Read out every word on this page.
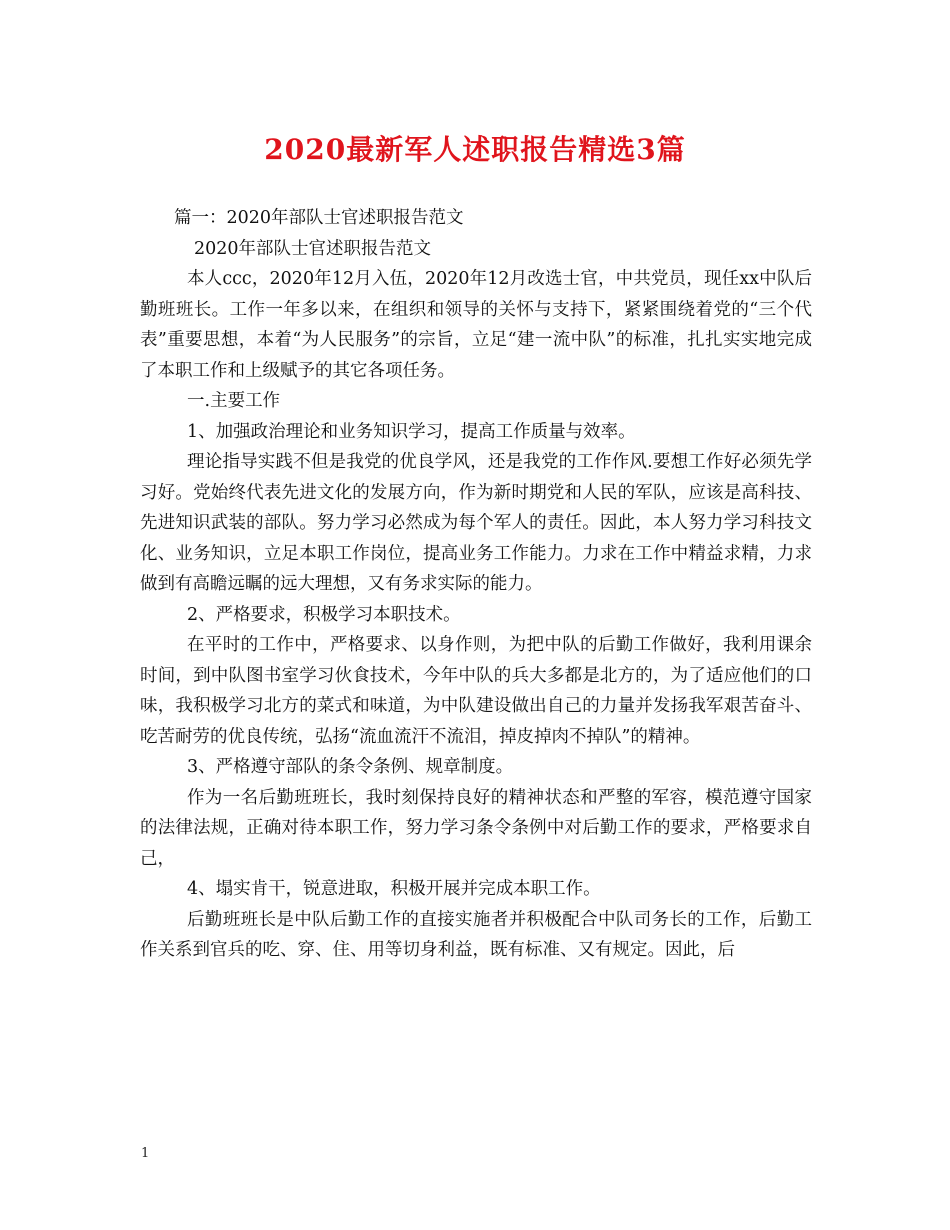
2020最新军人述职报告精选3篇

篇一：2020年部队士官述职报告范文

2020年部队士官述职报告范文

本人ccc，2020年12月入伍，2020年12月改选士官，中共党员，现任xx中队后勤班班长。工作一年多以来，在组织和领导的关怀与支持下，紧紧围绕着党的“三个代表”重要思想，本着“为人民服务”的宗旨，立足“建一流中队”的标准，扎扎实实地完成了本职工作和上级赋予的其它各项任务。

一.主要工作

1、加强政治理论和业务知识学习，提高工作质量与效率。

理论指导实践不但是我党的优良学风，还是我党的工作作风.要想工作好必须先学习好。党始终代表先进文化的发展方向，作为新时期党和人民的军队，应该是高科技、先进知识武装的部队。努力学习必然成为每个军人的责任。因此，本人努力学习科技文化、业务知识，立足本职工作岗位，提高业务工作能力。力求在工作中精益求精，力求做到有高瞻远瞩的远大理想，又有务求实际的能力。

2、严格要求，积极学习本职技术。

在平时的工作中，严格要求、以身作则，为把中队的后勤工作做好，我利用课余时间，到中队图书室学习伙食技术，今年中队的兵大多都是北方的，为了适应他们的口味，我积极学习北方的菜式和味道，为中队建设做出自己的力量并发扬我军艰苦奋斗、吃苦耐劳的优良传统，弘扬“流血流汗不流泪，掉皮掉肉不掉队”的精神。

3、严格遵守部队的条令条例、规章制度。

作为一名后勤班班长，我时刻保持良好的精神状态和严整的军容，模范遵守国家的法律法规，正确对待本职工作，努力学习条令条例中对后勤工作的要求，严格要求自己，

4、塌实肯干，锐意进取，积极开展并完成本职工作。

后勤班班长是中队后勤工作的直接实施者并积极配合中队司务长的工作，后勤工作关系到官兵的吃、穿、住、用等切身利益，既有标准、又有规定。因此，后

1
